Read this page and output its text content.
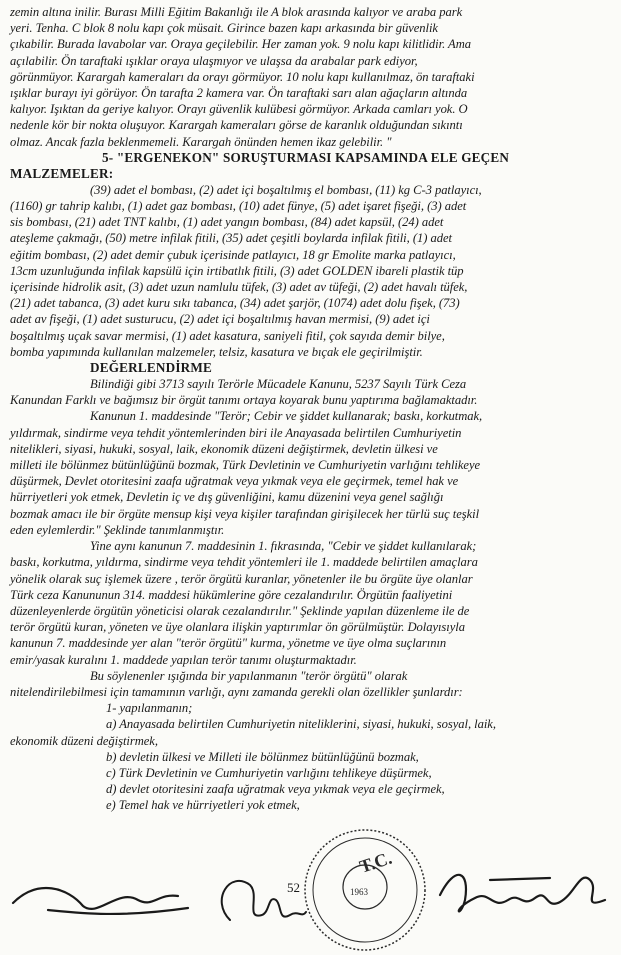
zemin altına inilir. Burası Milli Eğitim Bakanlığı ile A blok arasında kalıyor ve araba park
yeri. Tenha. C blok 8 nolu kapı çok müsait. Girince bazen kapı arkasında bir güvenlik
çıkabilir. Burada lavabolar var. Oraya geçilebilir. Her zaman yok. 9 nolu kapı kilitlidir. Ama
açılabilir. Ön taraftaki ışıklar oraya ulaşmıyor ve ulaşsa da arabalar park ediyor,
görünmüyor. Karargah kameraları da orayı görmüyor. 10 nolu kapı kullanılmaz, ön taraftaki
ışıklar burayı iyi görüyor. Ön tarafta 2 kamera var. Ön taraftaki sarı alan ağaçların altında
kalıyor. Işıktan da geriye kalıyor. Orayı güvenlik kulübesi görmüyor. Arkada camları yok. O
nedenle kör bir nokta oluşuyor. Karargah kameraları görse de karanlık olduğundan sıkıntı
olmaz. Ancak fazla beklenmemeli. Karargah önünden hemen ikaz gelebilir. "
5- "ERGENEKON" SORUŞTURMASI KAPSAMINDA ELE GEÇEN
MALZEMELER:
(39) adet el bombası, (2) adet içi boşaltılmış el bombası, (11) kg C-3 patlayıcı,
(1160) gr tahrip kalıbı, (1) adet gaz bombası, (10) adet fünye, (5) adet işaret fişeği, (3) adet
sis bombası, (21) adet TNT kalıbı, (1) adet yangın bombası, (84) adet kapsül, (24) adet
ateşleme çakmağı, (50) metre infilak fitili, (35) adet çeşitli boylarda infilak fitili, (1) adet
eğitim bombası, (2) adet demir çubuk içerisinde patlayıcı, 18 gr Emolite marka patlayıcı,
13cm uzunluğunda infilak kapsülü için irtibatlık fitili, (3) adet GOLDEN ibareli plastik tüp
içerisinde hidrolik asit, (3) adet uzun namlulu tüfek, (3) adet av tüfeği, (2) adet havalı tüfek,
(21) adet tabanca, (3) adet kuru sıkı tabanca, (34) adet şarjör, (1074) adet dolu fişek, (73)
adet av fişeği, (1) adet susturucu, (2) adet içi boşaltılmış havan mermisi, (9) adet içi
boşaltılmış uçak savar mermisi, (1) adet kasatura, saniyeli fitil, çok sayıda demir bilye,
bomba yapımında kullanılan malzemeler, telsiz, kasatura ve bıçak ele geçirilmiştir.
DEĞERLENDİRME
Bilindiği gibi 3713 sayılı Terörle Mücadele Kanunu, 5237 Sayılı Türk Ceza
Kanundan Farklı ve bağımsız bir örgüt tanımı ortaya koyarak bunu yaptırıma bağlamaktadır.
Kanunun 1. maddesinde "Terör; Cebir ve şiddet kullanarak; baskı, korkutmak,
yıldırmak, sindirme veya tehdit yöntemlerinden biri ile Anayasada belirtilen Cumhuriyetin
nitelikleri, siyasi, hukuki, sosyal, laik, ekonomik düzeni değiştirmek, devletin ülkesi ve
milleti ile bölünmez bütünlüğünü bozmak, Türk Devletinin ve Cumhuriyetin varlığını tehlikeye
düşürmek, Devlet otoritesini zaafa uğratmak veya yıkmak veya ele geçirmek, temel hak ve
hürriyetleri yok etmek, Devletin iç ve dış güvenliğini, kamu düzenini veya genel sağlığı
bozmak amacı ile bir örgüte mensup kişi veya kişiler tarafından girişilecek her türlü suç teşkil
eden eylemlerdir." Şeklinde tanımlanmıştır.
Yine aynı kanunun 7. maddesinin 1. fıkrasında, "Cebir ve şiddet kullanılarak;
baskı, korkutma, yıldırma, sindirme veya tehdit yöntemleri ile 1. maddede belirtilen amaçlara
yönelik olarak suç işlemek üzere , terör örgütü kuranlar, yönetenler ile bu örgüte üye olanlar
Türk ceza Kanununun 314. maddesi hükümlerine göre cezalandırılır. Örgütün faaliyetini
düzenleyenlerde örgütün yöneticisi olarak cezalandırılır." Şeklinde yapılan düzenleme ile de
terör örgütü kuran, yöneten ve üye olanlara ilişkin yaptırımlar ön görülmüştür. Dolayısıyla
kanunun 7. maddesinde yer alan "terör örgütü" kurma, yönetme ve üye olma suçlarının
emir/yasak kuralını 1. maddede yapılan terör tanımı oluşturmaktadır.
Bu söylenenler ışığında bir yapılanmanın "terör örgütü" olarak
nitelendirilebilmesi için tamamının varlığı, aynı zamanda gerekli olan özellikler şunlardır:
1- yapılanmanın;
a) Anayasada belirtilen Cumhuriyetin niteliklerini, siyasi, hukuki, sosyal, laik,
ekonomik düzeni değiştirmek,
b) devletin ülkesi ve Milleti ile bölünmez bütünlüğünü bozmak,
c) Türk Devletinin ve Cumhuriyetin varlığını tehlikeye düşürmek,
d) devlet otoritesini zaafa uğratmak veya yıkmak veya ele geçirmek,
e) Temel hak ve hürriyetleri yok etmek,
52
T.C.
1963
